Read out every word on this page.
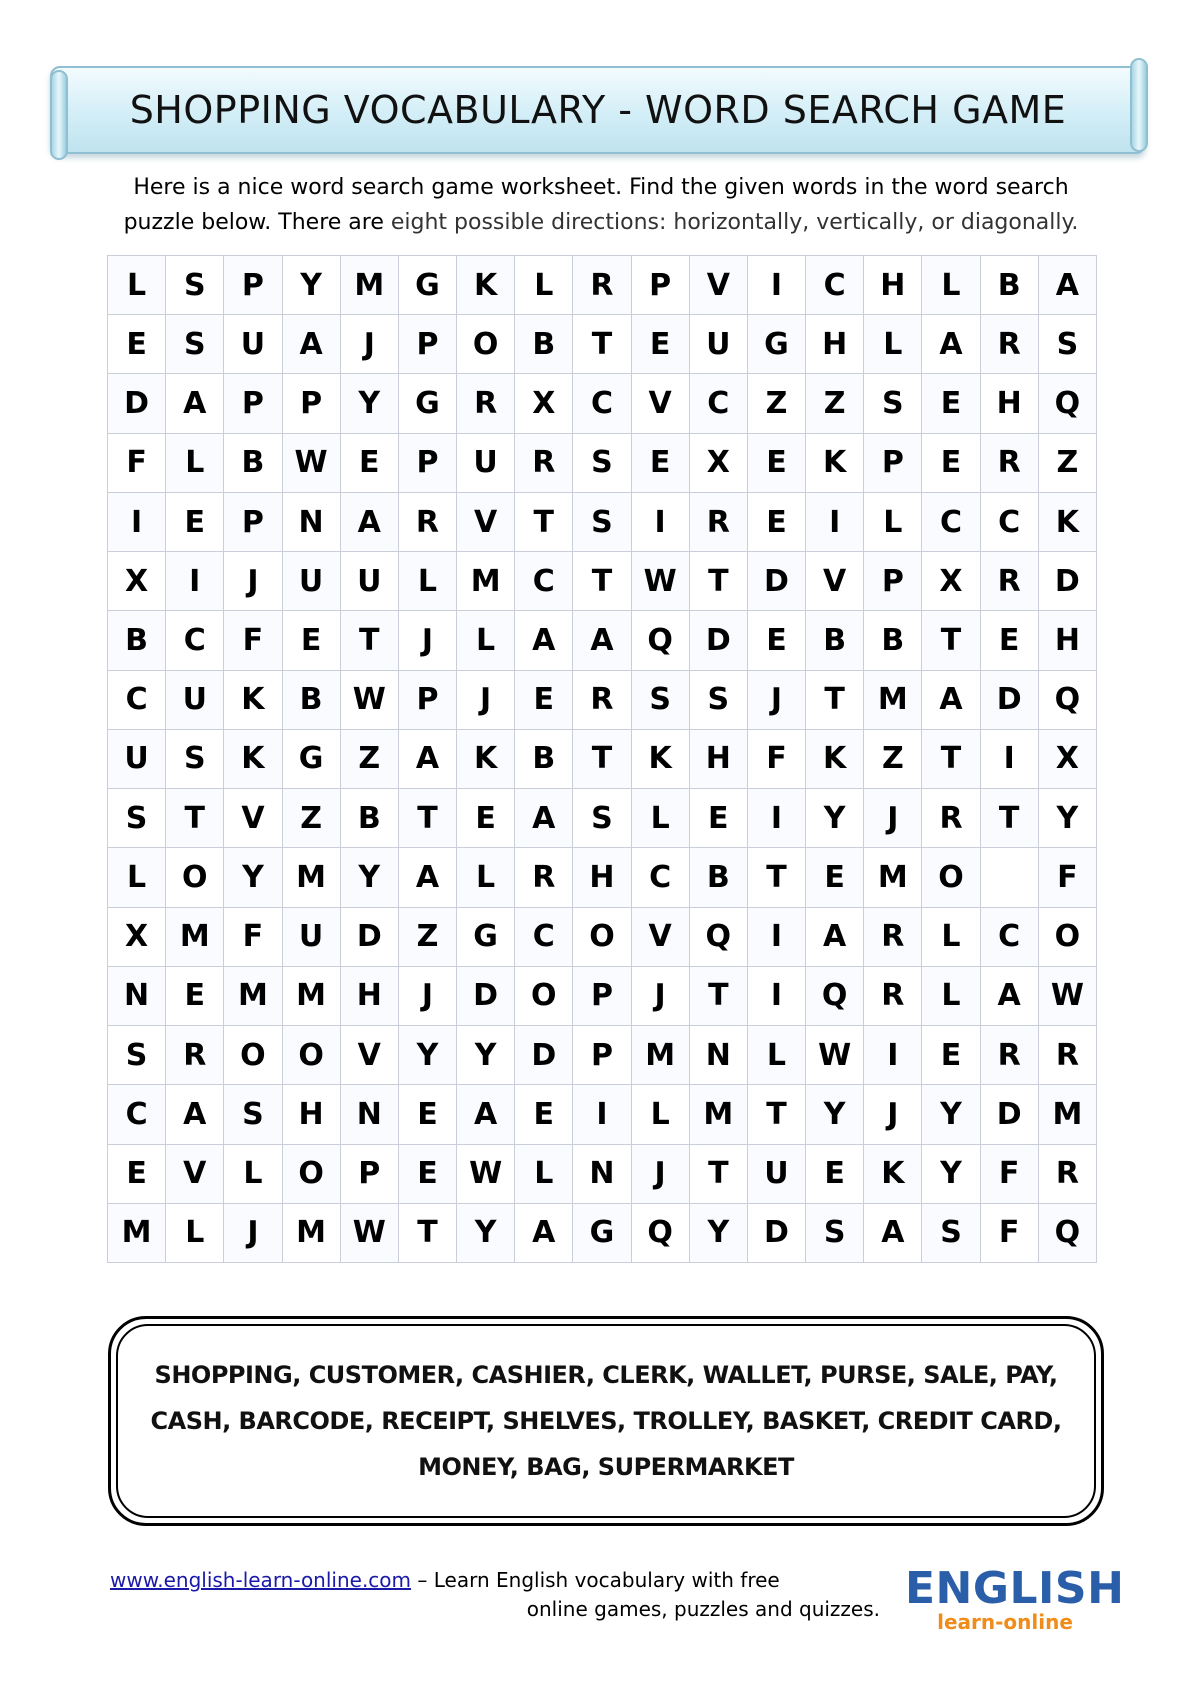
SHOPPING VOCABULARY - WORD SEARCH GAME
Here is a nice word search game worksheet. Find the given words in the word search
puzzle below. There are eight possible directions: horizontally, vertically, or diagonally.
L	S	P	Y	M	G	K	L	R	P	V	I	C	H	L	B	A
E	S	U	A	J	P	O	B	T	E	U	G	H	L	A	R	S
D	A	P	P	Y	G	R	X	C	V	C	Z	Z	S	E	H	Q
F	L	B	W	E	P	U	R	S	E	X	E	K	P	E	R	Z
I	E	P	N	A	R	V	T	S	I	R	E	I	L	C	C	K
X	I	J	U	U	L	M	C	T	W	T	D	V	P	X	R	D
B	C	F	E	T	J	L	A	A	Q	D	E	B	B	T	E	H
C	U	K	B	W	P	J	E	R	S	S	J	T	M	A	D	Q
U	S	K	G	Z	A	K	B	T	K	H	F	K	Z	T	I	X
S	T	V	Z	B	T	E	A	S	L	E	I	Y	J	R	T	Y
L	O	Y	M	Y	A	L	R	H	C	B	T	E	M	O		F
X	M	F	U	D	Z	G	C	O	V	Q	I	A	R	L	C	O
N	E	M	M	H	J	D	O	P	J	T	I	Q	R	L	A	W
S	R	O	O	V	Y	Y	D	P	M	N	L	W	I	E	R	R
C	A	S	H	N	E	A	E	I	L	M	T	Y	J	Y	D	M
E	V	L	O	P	E	W	L	N	J	T	U	E	K	Y	F	R
M	L	J	M	W	T	Y	A	G	Q	Y	D	S	A	S	F	Q
SHOPPING, CUSTOMER, CASHIER, CLERK, WALLET, PURSE, SALE, PAY, CASH, BARCODE, RECEIPT, SHELVES, TROLLEY, BASKET, CREDIT CARD, MONEY, BAG, SUPERMARKET
www.english-learn-online.com – Learn English vocabulary with free
online games, puzzles and quizzes. ENGLISH
learn-online
